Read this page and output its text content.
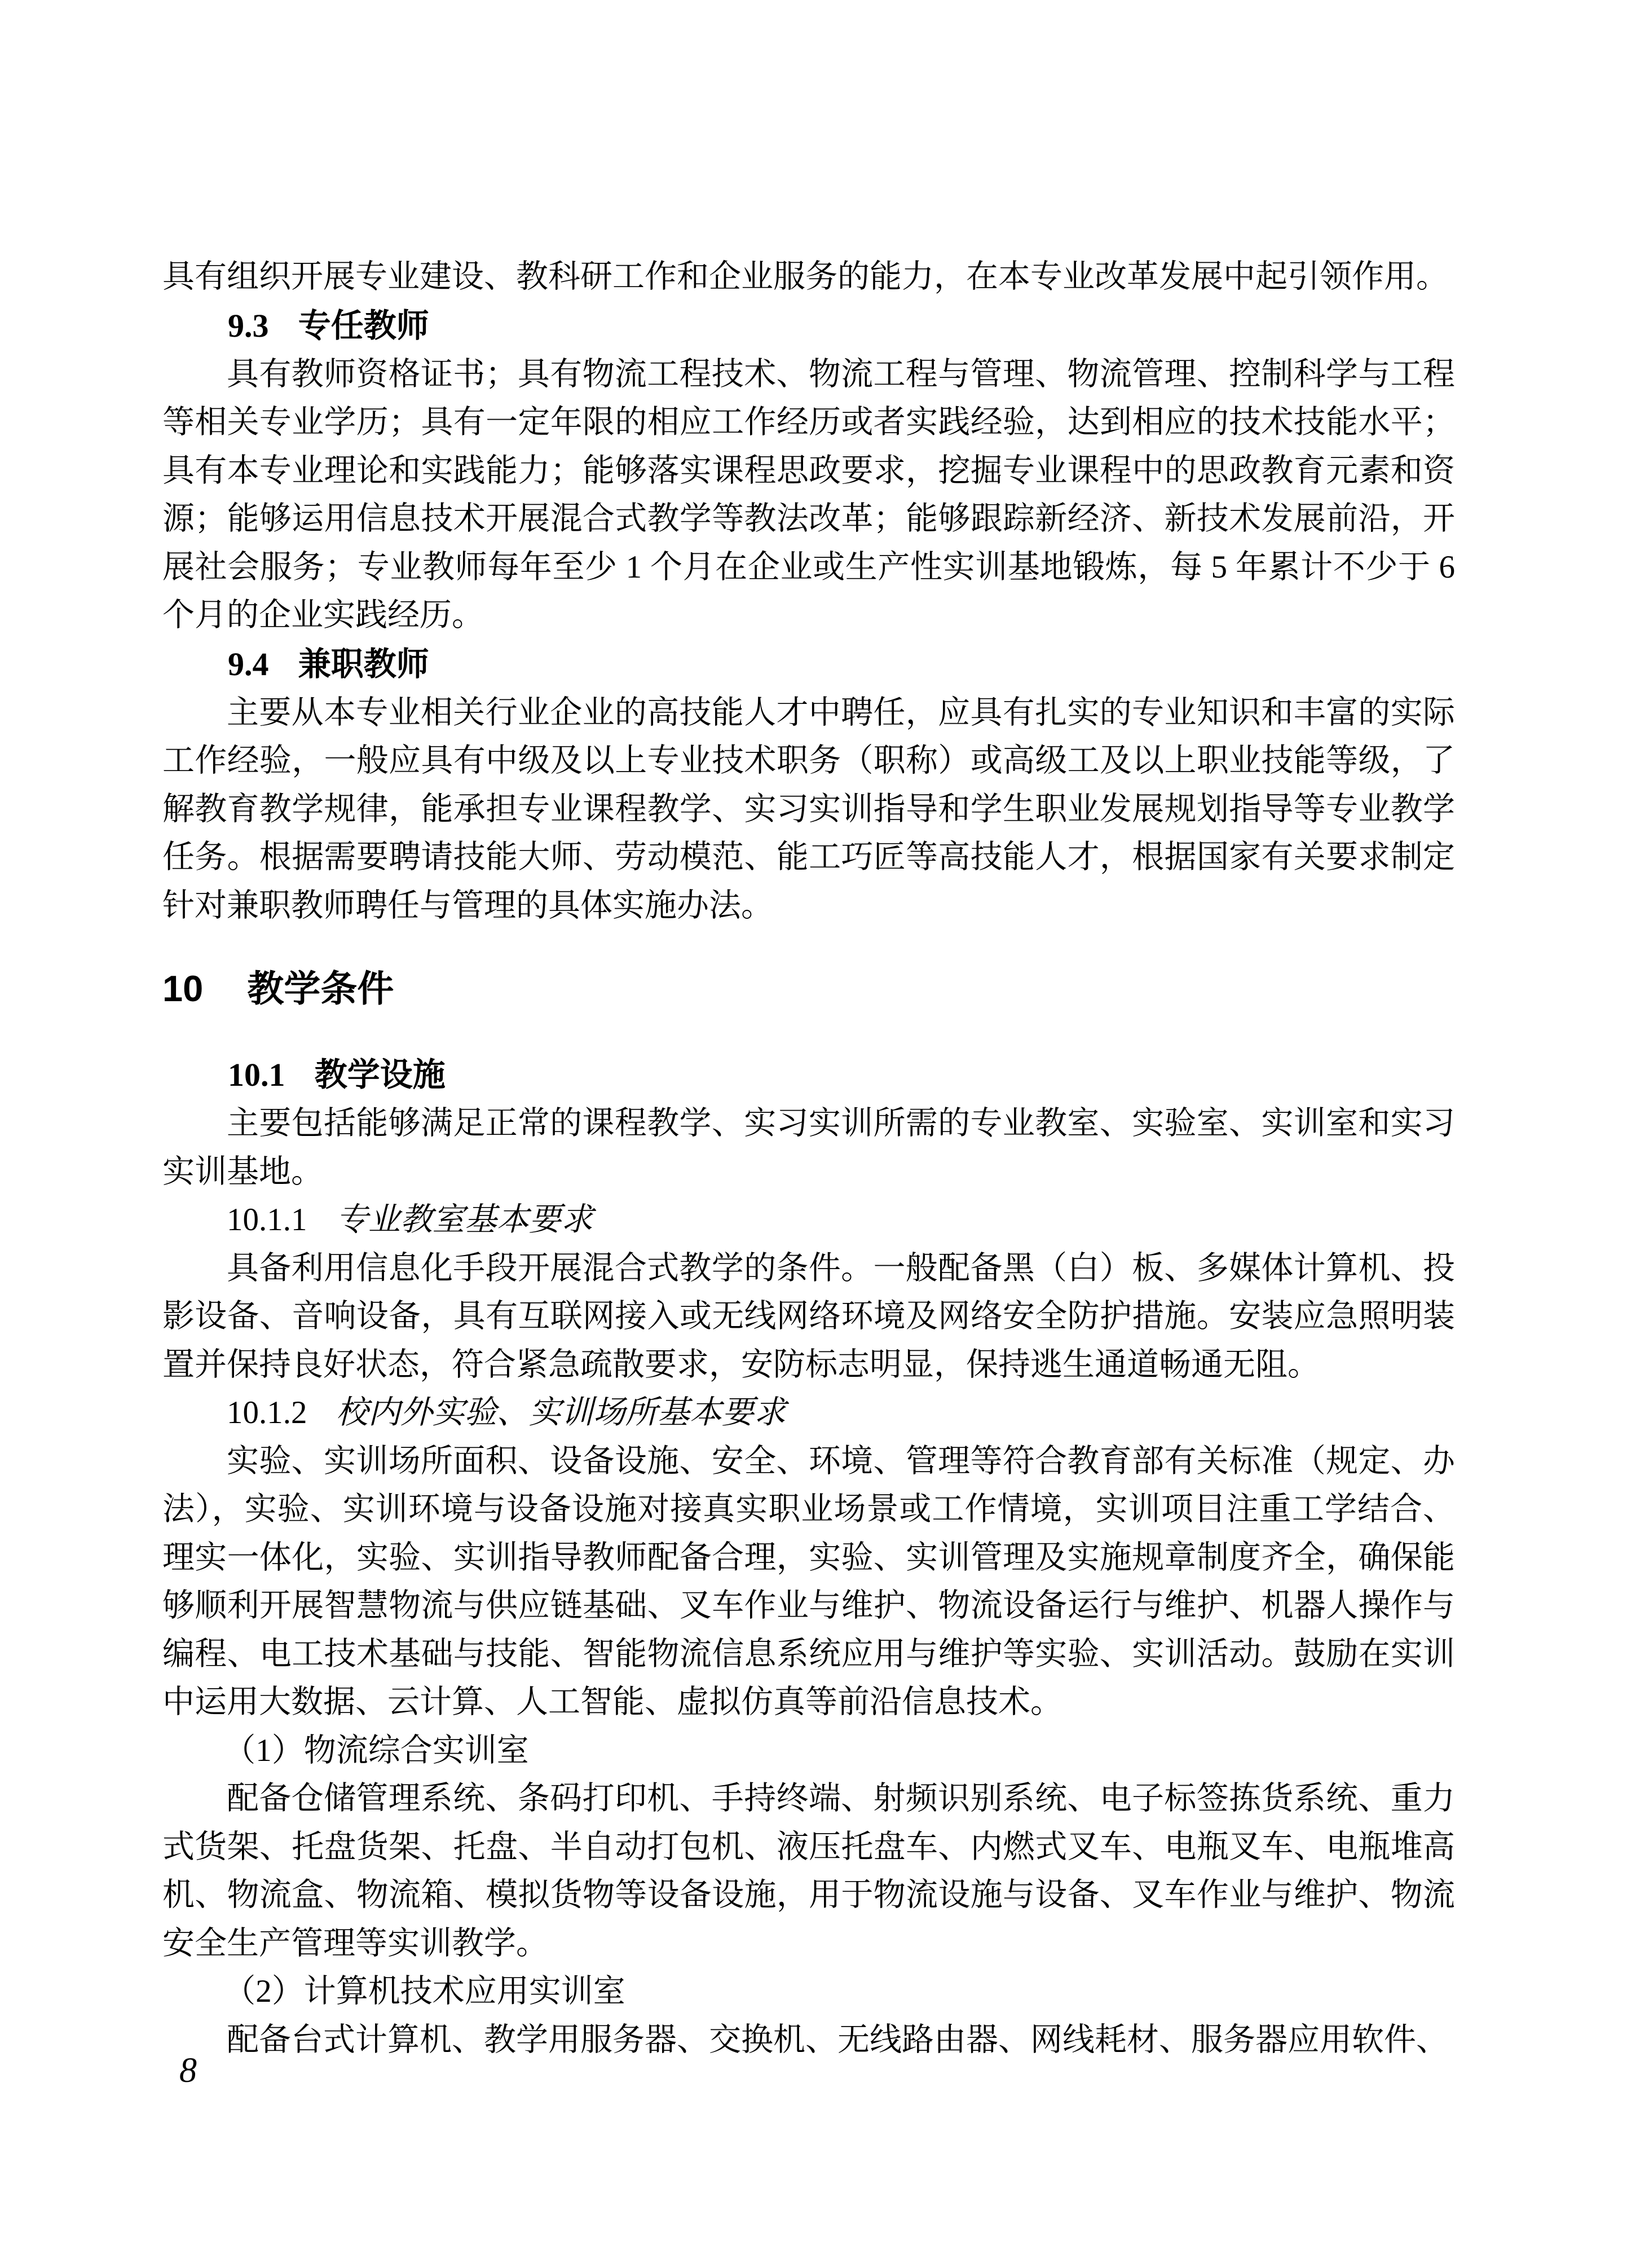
具有组织开展专业建设、教科研工作和企业服务的能力，在本专业改革发展中起引领作用。

9.3 专任教师

具有教师资格证书；具有物流工程技术、物流工程与管理、物流管理、控制科学与工程等相关专业学历；具有一定年限的相应工作经历或者实践经验，达到相应的技术技能水平；具有本专业理论和实践能力；能够落实课程思政要求，挖掘专业课程中的思政教育元素和资源；能够运用信息技术开展混合式教学等教法改革；能够跟踪新经济、新技术发展前沿，开展社会服务；专业教师每年至少 1 个月在企业或生产性实训基地锻炼，每 5 年累计不少于 6 个月的企业实践经历。

9.4 兼职教师

主要从本专业相关行业企业的高技能人才中聘任，应具有扎实的专业知识和丰富的实际工作经验，一般应具有中级及以上专业技术职务（职称）或高级工及以上职业技能等级，了解教育教学规律，能承担专业课程教学、实习实训指导和学生职业发展规划指导等专业教学任务。根据需要聘请技能大师、劳动模范、能工巧匠等高技能人才，根据国家有关要求制定针对兼职教师聘任与管理的具体实施办法。

10 教学条件
10.1 教学设施

主要包括能够满足正常的课程教学、实习实训所需的专业教室、实验室、实训室和实习实训基地。

10.1.1 专业教室基本要求

具备利用信息化手段开展混合式教学的条件。一般配备黑（白）板、多媒体计算机、投影设备、音响设备，具有互联网接入或无线网络环境及网络安全防护措施。安装应急照明装置并保持良好状态，符合紧急疏散要求，安防标志明显，保持逃生通道畅通无阻。

10.1.2 校内外实验、实训场所基本要求

实验、实训场所面积、设备设施、安全、环境、管理等符合教育部有关标准（规定、办法），实验、实训环境与设备设施对接真实职业场景或工作情境，实训项目注重工学结合、理实一体化，实验、实训指导教师配备合理，实验、实训管理及实施规章制度齐全，确保能够顺利开展智慧物流与供应链基础、叉车作业与维护、物流设备运行与维护、机器人操作与编程、电工技术基础与技能、智能物流信息系统应用与维护等实验、实训活动。鼓励在实训中运用大数据、云计算、人工智能、虚拟仿真等前沿信息技术。

（1）物流综合实训室

配备仓储管理系统、条码打印机、手持终端、射频识别系统、电子标签拣货系统、重力式货架、托盘货架、托盘、半自动打包机、液压托盘车、内燃式叉车、电瓶叉车、电瓶堆高机、物流盒、物流箱、模拟货物等设备设施，用于物流设施与设备、叉车作业与维护、物流安全生产管理等实训教学。

（2）计算机技术应用实训室

配备台式计算机、教学用服务器、交换机、无线路由器、网线耗材、服务器应用软件、

8
